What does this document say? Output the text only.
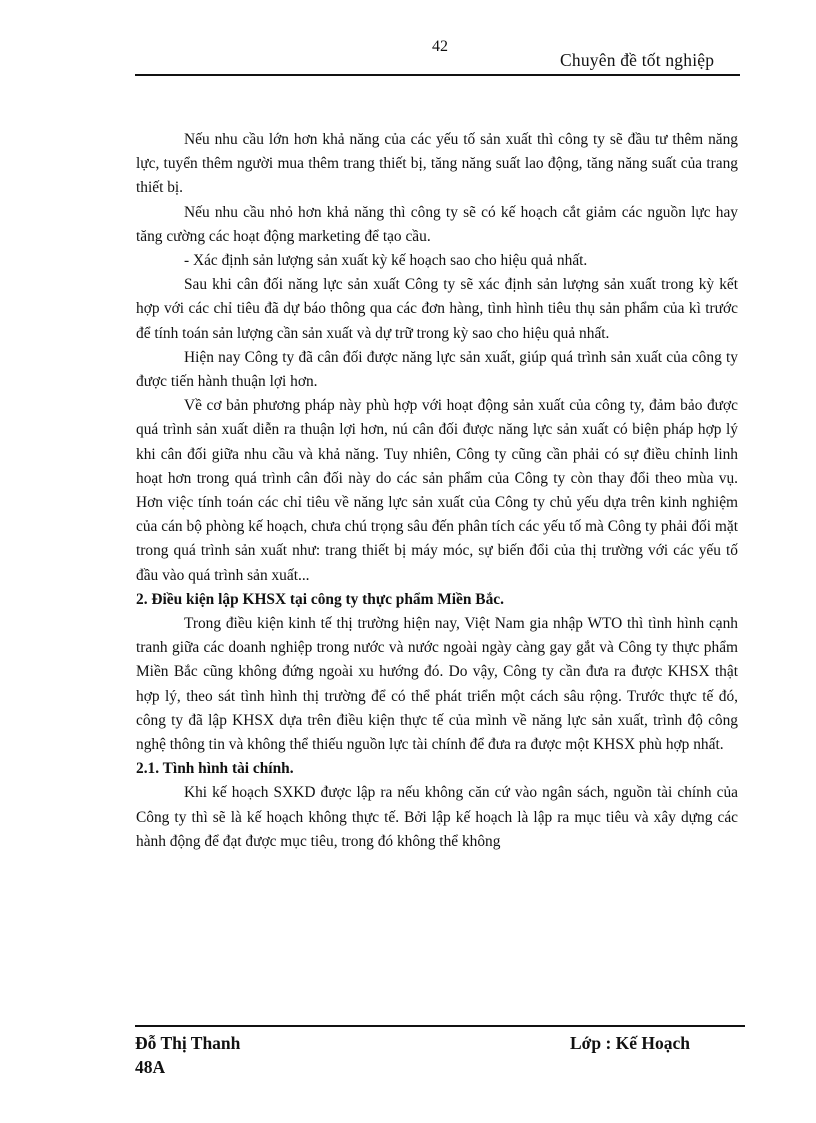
42
Chuyên đề tốt nghiệp

Nếu nhu cầu lớn hơn khả năng của các yếu tố sản xuất thì công ty sẽ đầu tư thêm năng lực, tuyển thêm người mua thêm trang thiết bị, tăng năng suất lao động, tăng năng suất của trang thiết bị.

Nếu nhu cầu nhỏ hơn khả năng thì công ty sẽ có kế hoạch cắt giảm các nguồn lực hay tăng cường các hoạt động marketing để tạo cầu.

- Xác định sản lượng sản xuất kỳ kế hoạch sao cho hiệu quả nhất.

Sau khi cân đối năng lực sản xuất Công ty sẽ xác định sản lượng sản xuất trong kỳ kết hợp với các chỉ tiêu đã dự báo thông qua các đơn hàng, tình hình tiêu thụ sản phẩm của kì trước để tính toán sản lượng cần sản xuất và dự trữ trong kỳ sao cho hiệu quả nhất.

Hiện nay Công ty đã cân đối được năng lực sản xuất, giúp quá trình sản xuất của công ty được tiến hành thuận lợi hơn.

Về cơ bản phương pháp này phù hợp với hoạt động sản xuất của công ty, đảm bảo được quá trình sản xuất diễn ra thuận lợi hơn, nú cân đối được năng lực sản xuất có biện pháp hợp lý khi cân đối giữa nhu cầu và khả năng. Tuy nhiên, Công ty cũng cần phải có sự điều chỉnh linh hoạt hơn trong quá trình cân đối này do các sản phẩm của Công ty còn thay đổi theo mùa vụ. Hơn việc tính toán các chỉ tiêu về năng lực sản xuất của Công ty chủ yếu dựa trên kinh nghiệm của cán bộ phòng kế hoạch, chưa chú trọng sâu đến phân tích các yếu tố mà Công ty phải đối mặt trong quá trình sản xuất như: trang thiết bị máy móc, sự biến đổi của thị trường với các yếu tố đầu vào quá trình sản xuất...

2. Điều kiện lập KHSX tại công ty thực phẩm Miền Bắc.

Trong điều kiện kinh tế thị trường hiện nay, Việt Nam gia nhập WTO thì tình hình cạnh tranh giữa các doanh nghiệp trong nước và nước ngoài ngày càng gay gắt và Công ty thực phẩm Miền Bắc cũng không đứng ngoài xu hướng đó. Do vậy, Công ty cần đưa ra được KHSX thật hợp lý, theo sát tình hình thị trường để có thể phát triển một cách sâu rộng. Trước thực tế đó, công ty đã lập KHSX dựa trên điều kiện thực tế của mình về năng lực sản xuất, trình độ công nghệ thông tin và không thể thiếu nguồn lực tài chính để đưa ra được một KHSX phù hợp nhất.

2.1. Tình hình tài chính.

Khi kế hoạch SXKD được lập ra nếu không căn cứ vào ngân sách, nguồn tài chính của Công ty thì sẽ là kế hoạch không thực tế. Bởi lập kế hoạch là lập ra mục tiêu và xây dựng các hành động để đạt được mục tiêu, trong đó không thể không

Đỗ Thị Thanh
48A
Lớp : Kế Hoạch
